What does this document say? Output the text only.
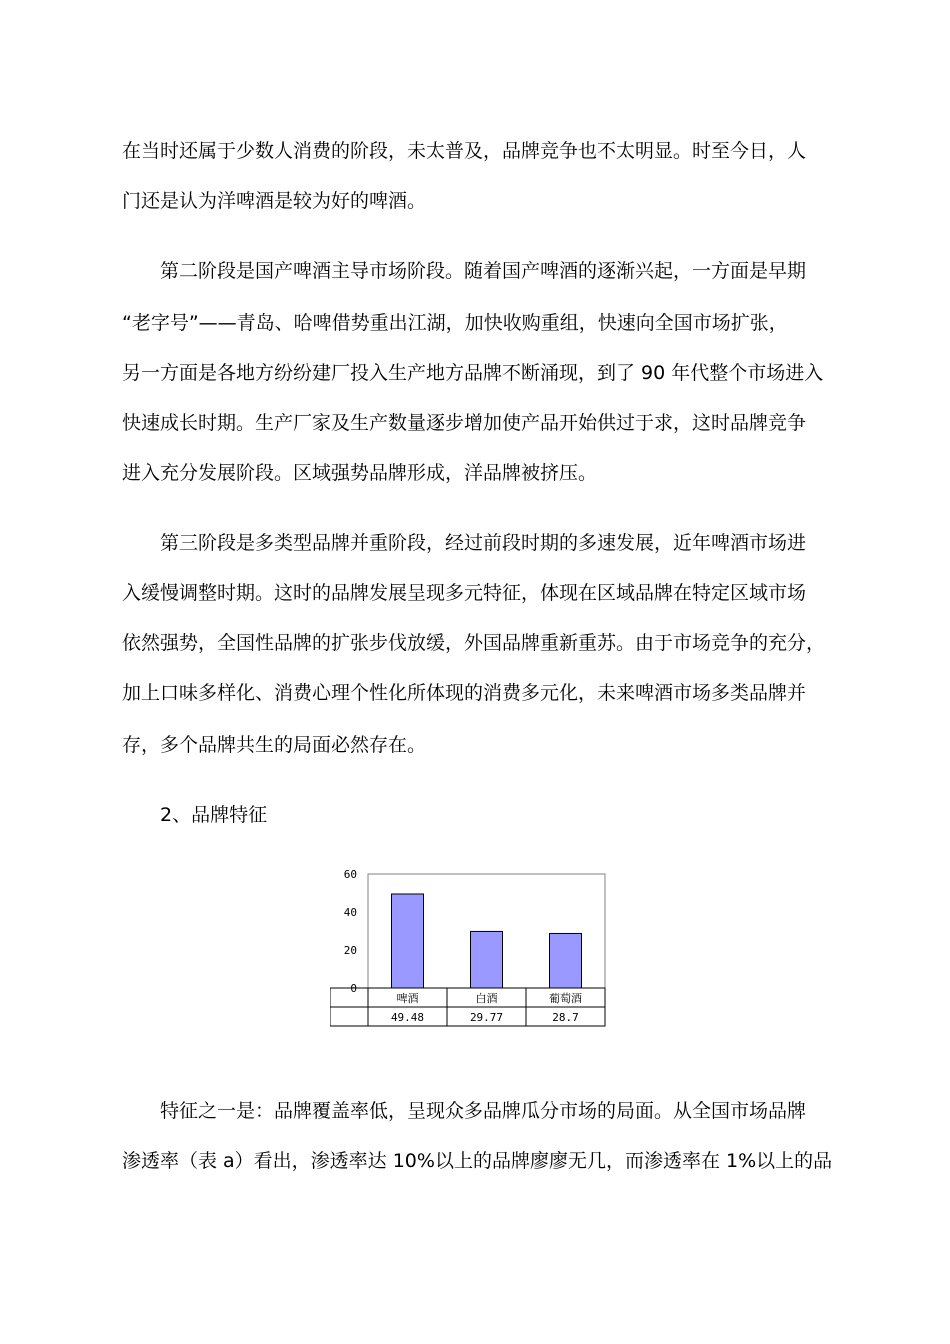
在当时还属于少数人消费的阶段，未太普及，品牌竞争也不太明显。时至今日，人
门还是认为洋啤酒是较为好的啤酒。
第二阶段是国产啤酒主导市场阶段。随着国产啤酒的逐渐兴起，一方面是早期
“老字号”——青岛、哈啤借势重出江湖，加快收购重组，快速向全国市场扩张，
另一方面是各地方纷纷建厂投入生产地方品牌不断涌现，到了 90 年代整个市场进入
快速成长时期。生产厂家及生产数量逐步增加使产品开始供过于求，这时品牌竞争
进入充分发展阶段。区域强势品牌形成，洋品牌被挤压。
第三阶段是多类型品牌并重阶段，经过前段时期的多速发展，近年啤酒市场进
入缓慢调整时期。这时的品牌发展呈现多元特征，体现在区域品牌在特定区域市场
依然强势，全国性品牌的扩张步伐放缓，外国品牌重新重苏。由于市场竞争的充分，
加上口味多样化、消费心理个性化所体现的消费多元化，未来啤酒市场多类品牌并
存，多个品牌共生的局面必然存在。
2、品牌特征
特征之一是：品牌覆盖率低，呈现众多品牌瓜分市场的局面。从全国市场品牌
渗透率（表 a）看出，渗透率达 10%以上的品牌廖廖无几，而渗透率在 1%以上的品
0
20
40
60
啤酒	白酒	葡萄酒
49.48	29.77	28.7
